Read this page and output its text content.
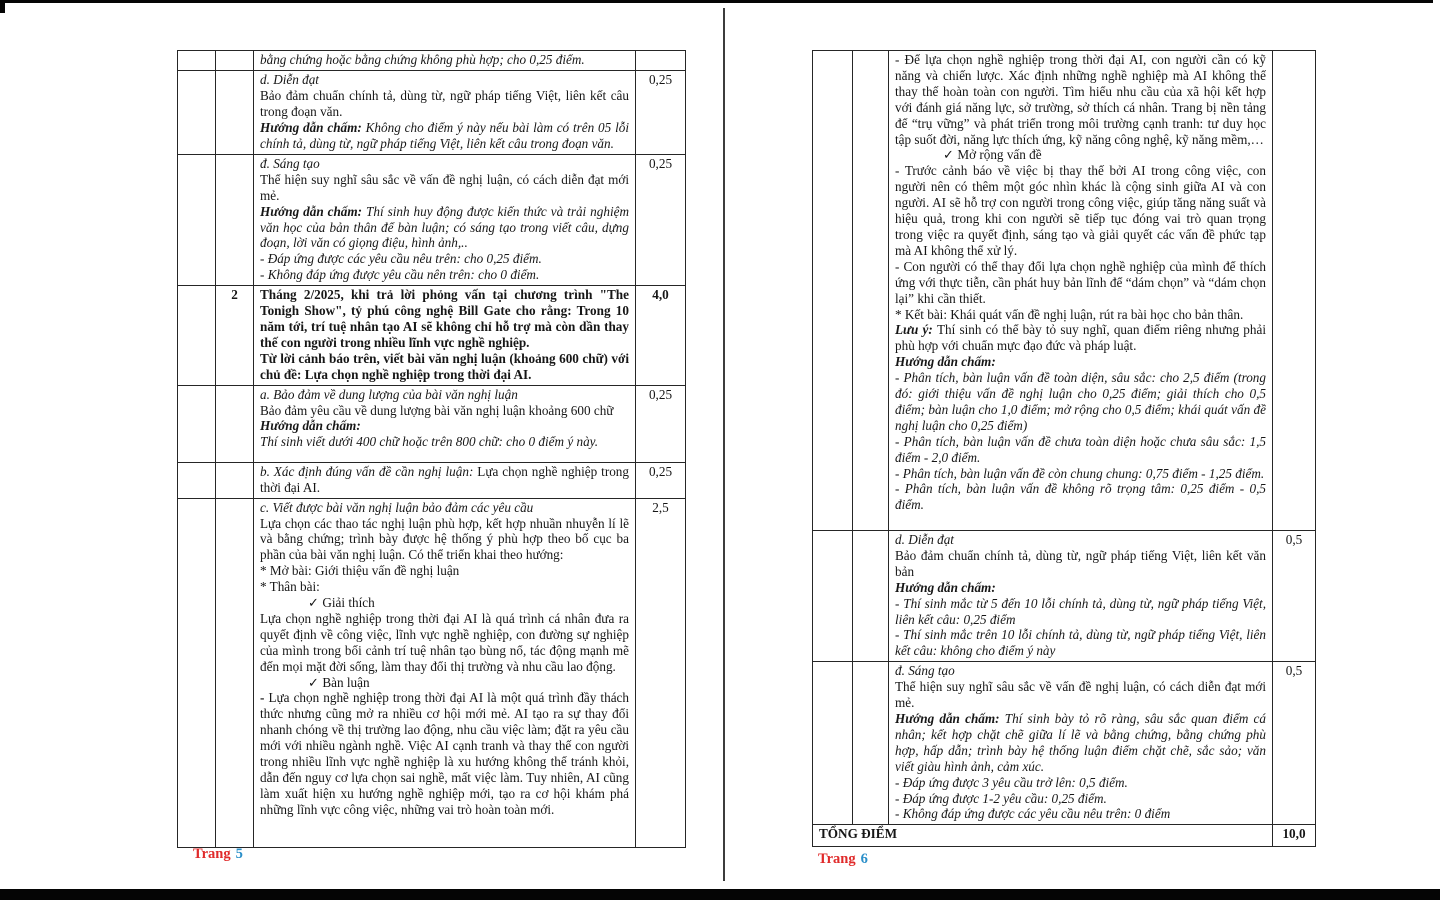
		bằng chứng hoặc bằng chứng không phù hợp; cho 0,25 điểm.	

		d. Diễn đạt

Bảo đảm chuẩn chính tả, dùng từ, ngữ pháp tiếng Việt, liên kết câu trong đoạn văn.

Hướng dẫn chấm: Không cho điểm ý này nếu bài làm có trên 05 lỗi chính tả, dùng từ, ngữ pháp tiếng Việt, liên kết câu trong đoạn văn.	0,25

		đ. Sáng tạo

Thể hiện suy nghĩ sâu sắc về vấn đề nghị luận, có cách diễn đạt mới mẻ.

Hướng dẫn chấm: Thí sinh huy động được kiến thức và trải nghiệm văn học của bản thân để bàn luận; có sáng tạo trong viết câu, dựng đoạn, lời văn có giọng điệu, hình ảnh,..

- Đáp ứng được các yêu cầu nêu trên: cho 0,25 điểm.

- Không đáp ứng được yêu cầu nên trên: cho 0 điểm.	0,25
	2	Tháng 2/2025, khi trả lời phỏng vấn tại chương trình "The Tonigh Show", tỷ phú công nghệ Bill Gate cho rằng: Trong 10 năm tới, trí tuệ nhân tạo AI sẽ không chỉ hỗ trợ mà còn dần thay thế con người trong nhiều lĩnh vực nghề nghiệp.

Từ lời cảnh báo trên, viết bài văn nghị luận (khoảng 600 chữ) với chủ đề: Lựa chọn nghề nghiệp trong thời đại AI.	4,0

		a. Bảo đảm về dung lượng của bài văn nghị luận

Bảo đảm yêu cầu về dung lượng bài văn nghị luận khoảng 600 chữ

Hướng dẫn chấm:

Thí sinh viết dưới 400 chữ hoặc trên 800 chữ: cho 0 điểm ý này.	0,25

		b. Xác định đúng vấn đề cần nghị luận: Lựa chọn nghề nghiệp trong thời đại AI.	0,25

c. Viết được bài văn nghị luận bảo đảm các yêu cầu

Lựa chọn các thao tác nghị luận phù hợp, kết hợp nhuần nhuyễn lí lẽ và bằng chứng; trình bày được hệ thống ý phù hợp theo bố cục ba phần của bài văn nghị luận. Có thể triển khai theo hướng:

* Mở bài: Giới thiệu vấn đề nghị luận

* Thân bài:

✓ Giải thích

Lựa chọn nghề nghiệp trong thời đại AI là quá trình cá nhân đưa ra quyết định về công việc, lĩnh vực nghề nghiệp, con đường sự nghiệp của mình trong bối cảnh trí tuệ nhân tạo bùng nổ, tác động mạnh mẽ đến mọi mặt đời sống, làm thay đổi thị trường và nhu cầu lao động.

✓ Bàn luận

- Lựa chọn nghề nghiệp trong thời đại AI là một quá trình đầy thách thức nhưng cũng mở ra nhiều cơ hội mới mẻ. AI tạo ra sự thay đổi nhanh chóng về thị trường lao động, nhu cầu việc làm; đặt ra yêu cầu mới với nhiều ngành nghề. Việc AI cạnh tranh và thay thế con người trong nhiều lĩnh vực nghề nghiệp là xu hướng không thể tránh khỏi, dẫn đến nguy cơ lựa chọn sai nghề, mất việc làm. Tuy nhiên, AI cũng làm xuất hiện xu hướng nghề nghiệp mới, tạo ra cơ hội khám phá những lĩnh vực công việc, những vai trò hoàn toàn mới.

	2,5
Trang 5

- Để lựa chọn nghề nghiệp trong thời đại AI, con người cần có kỹ năng và chiến lược. Xác định những nghề nghiệp mà AI không thể thay thế hoàn toàn con người. Tìm hiểu nhu cầu của xã hội kết hợp với đánh giá năng lực, sở trường, sở thích cá nhân. Trang bị nền tảng để “trụ vững” và phát triển trong môi trường cạnh tranh: tư duy học tập suốt đời, năng lực thích ứng, kỹ năng công nghệ, kỹ năng mềm,…

✓ Mở rộng vấn đề

- Trước cảnh báo về việc bị thay thế bởi AI trong công việc, con người nên có thêm một góc nhìn khác là cộng sinh giữa AI và con người. AI sẽ hỗ trợ con người trong công việc, giúp tăng năng suất và hiệu quả, trong khi con người sẽ tiếp tục đóng vai trò quan trọng trong việc ra quyết định, sáng tạo và giải quyết các vấn đề phức tạp mà AI không thể xử lý.

- Con người có thể thay đổi lựa chọn nghề nghiệp của mình để thích ứng với thực tiễn, cần phát huy bản lĩnh để “dám chọn” và “dám chọn lại” khi cần thiết.

* Kết bài: Khái quát vấn đề nghị luận, rút ra bài học cho bản thân.

Lưu ý: Thí sinh có thể bày tỏ suy nghĩ, quan điểm riêng nhưng phải phù hợp với chuẩn mực đạo đức và pháp luật.

Hướng dẫn chấm:

- Phân tích, bàn luận vấn đề toàn diện, sâu sắc: cho 2,5 điểm (trong đó: giới thiệu vấn đề nghị luận cho 0,25 điểm; giải thích cho 0,5 điểm; bàn luận cho 1,0 điểm; mở rộng cho 0,5 điểm; khái quát vấn đề nghị luận cho 0,25 điểm)

- Phân tích, bàn luận vấn đề chưa toàn diện hoặc chưa sâu sắc: 1,5 điểm - 2,0 điểm.

- Phân tích, bàn luận vấn đề còn chung chung: 0,75 điểm - 1,25 điểm.

- Phân tích, bàn luận vấn đề không rõ trọng tâm: 0,25 điểm - 0,5 điểm.

		d. Diễn đạt

Bảo đảm chuẩn chính tả, dùng từ, ngữ pháp tiếng Việt, liên kết văn bản

Hướng dẫn chấm:

- Thí sinh mắc từ 5 đến 10 lỗi chính tả, dùng từ, ngữ pháp tiếng Việt, liên kết câu: 0,25 điểm

- Thí sinh mắc trên 10 lỗi chính tả, dùng từ, ngữ pháp tiếng Việt, liên kết câu: không cho điểm ý này	0,5

đ. Sáng tạo

Thể hiện suy nghĩ sâu sắc về vấn đề nghị luận, có cách diễn đạt mới mẻ.

Hướng dẫn chấm: Thí sinh bày tỏ rõ ràng, sâu sắc quan điểm cá nhân; kết hợp chặt chẽ giữa lí lẽ và bằng chứng, bằng chứng phù hợp, hấp dẫn; trình bày hệ thống luận điểm chặt chẽ, sắc sảo; văn viết giàu hình ảnh, cảm xúc.

- Đáp ứng được 3 yêu cầu trở lên: 0,5 điểm.

- Đáp ứng được 1-2 yêu cầu: 0,25 điểm.

- Không đáp ứng được các yêu cầu nêu trên: 0 điểm

	0,5
TỔNG ĐIỂM			10,0
Trang 6
